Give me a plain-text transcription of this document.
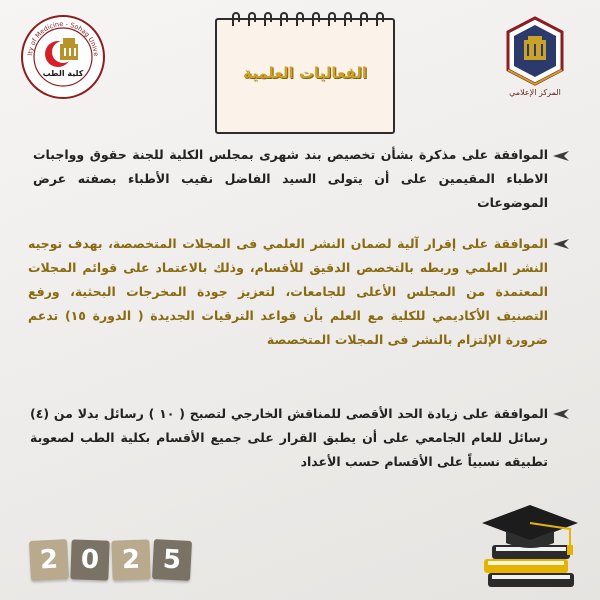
lty of Medicine - Sohag Unive
كلية الطب	الفعاليات العلمية
المركز الإعلامي
الموافقة على مذكرة بشأن تخصيص بند شهرى بمجلس الكلية للجنة حقوق وواجبات الاطباء المقيمين على أن يتولى السيد الفاضل نقيب الأطباء بصفته عرض الموضوعات
الموافقة على إقرار آلية لضمان النشر العلمي فى المجلات المتخصصة، بهدف توجيه النشر العلمي وربطه بالتخصص الدقيق للأقسام، وذلك بالاعتماد على قوائم المجلات المعتمدة من المجلس الأعلى للجامعات، لتعزيز جودة المخرجات البحثية، ورفع التصنيف الأكاديمي للكلية مع العلم بأن قواعد الترقيات الجديدة ( الدورة ١٥) تدعم ضرورة الإلتزام بالنشر فى المجلات المتخصصة
الموافقة على زيادة الحد الأقصى للمناقش الخارجي لتصبح ( ١٠ ) رسائل بدلا من (٤) رسائل للعام الجامعي على أن يطبق القرار على جميع الأقسام بكلية الطب لصعوبة تطبيقه نسبياً على الأقسام حسب الأعداد
2 0 2 5
